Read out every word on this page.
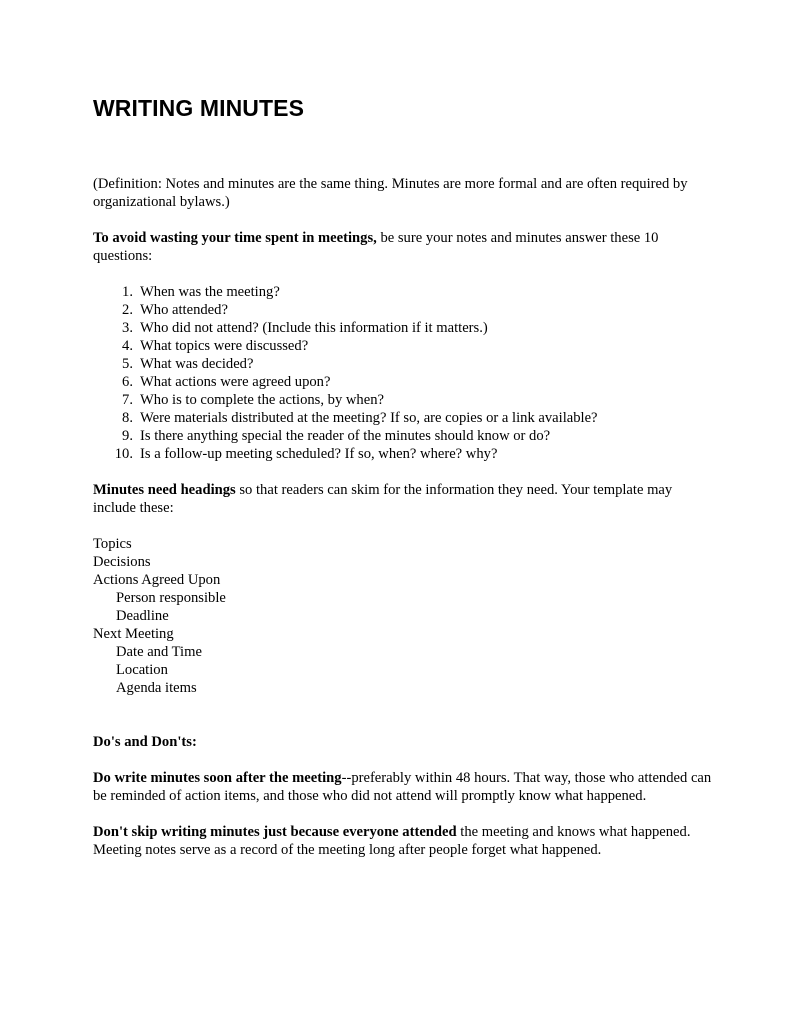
WRITING MINUTES

(Definition: Notes and minutes are the same thing. Minutes are more formal and are often required by organizational bylaws.)

To avoid wasting your time spent in meetings, be sure your notes and minutes answer these 10 questions:

1. When was the meeting?
2. Who attended?
3. Who did not attend? (Include this information if it matters.)
4. What topics were discussed?
5. What was decided?
6. What actions were agreed upon?
7. Who is to complete the actions, by when?
8. Were materials distributed at the meeting? If so, are copies or a link available?
9. Is there anything special the reader of the minutes should know or do?
10. Is a follow-up meeting scheduled? If so, when? where? why?

Minutes need headings so that readers can skim for the information they need. Your template may include these:

Topics
Decisions
Actions Agreed Upon
Person responsible
Deadline
Next Meeting
Date and Time
Location
Agenda items

Do's and Don'ts:

Do write minutes soon after the meeting--preferably within 48 hours. That way, those who attended can be reminded of action items, and those who did not attend will promptly know what happened.

Don't skip writing minutes just because everyone attended the meeting and knows what happened. Meeting notes serve as a record of the meeting long after people forget what happened.
